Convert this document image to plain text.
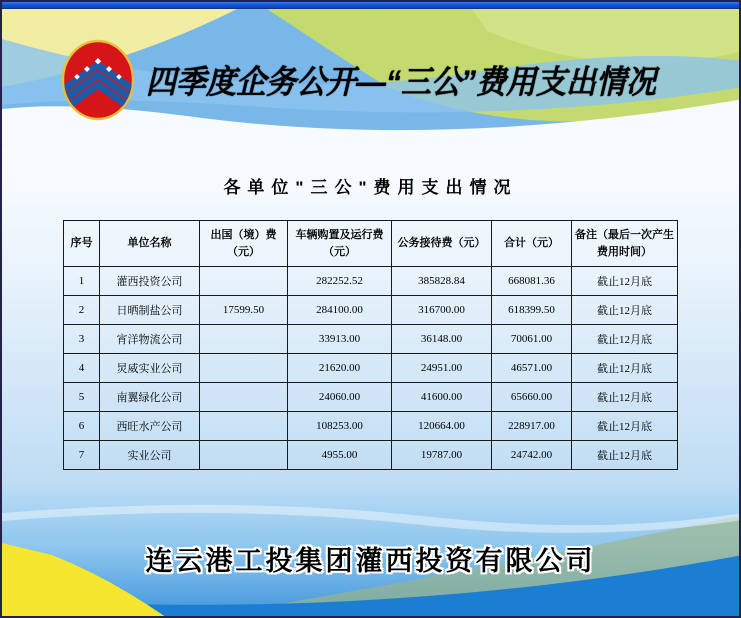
四季度企务公开—“三公”费用支出情况
各单位"三公"费用支出情况
序号	单位名称	出国（境）费（元）	车辆购置及运行费（元）	公务接待费（元）	合计（元）	备注（最后一次产生费用时间）
1	灌西投资公司		282252.52	385828.84	668081.36	截止12月底
2	日晒制盐公司	17599.50	284100.00	316700.00	618399.50	截止12月底
3	宵洋物流公司		33913.00	36148.00	70061.00	截止12月底
4	炅威实业公司		21620.00	24951.00	46571.00	截止12月底
5	南翼绿化公司		24060.00	41600.00	65660.00	截止12月底
6	西旺水产公司		108253.00	120664.00	228917.00	截止12月底
7	实业公司		4955.00	19787.00	24742.00	截止12月底
连云港工投集团灌西投资有限公司
